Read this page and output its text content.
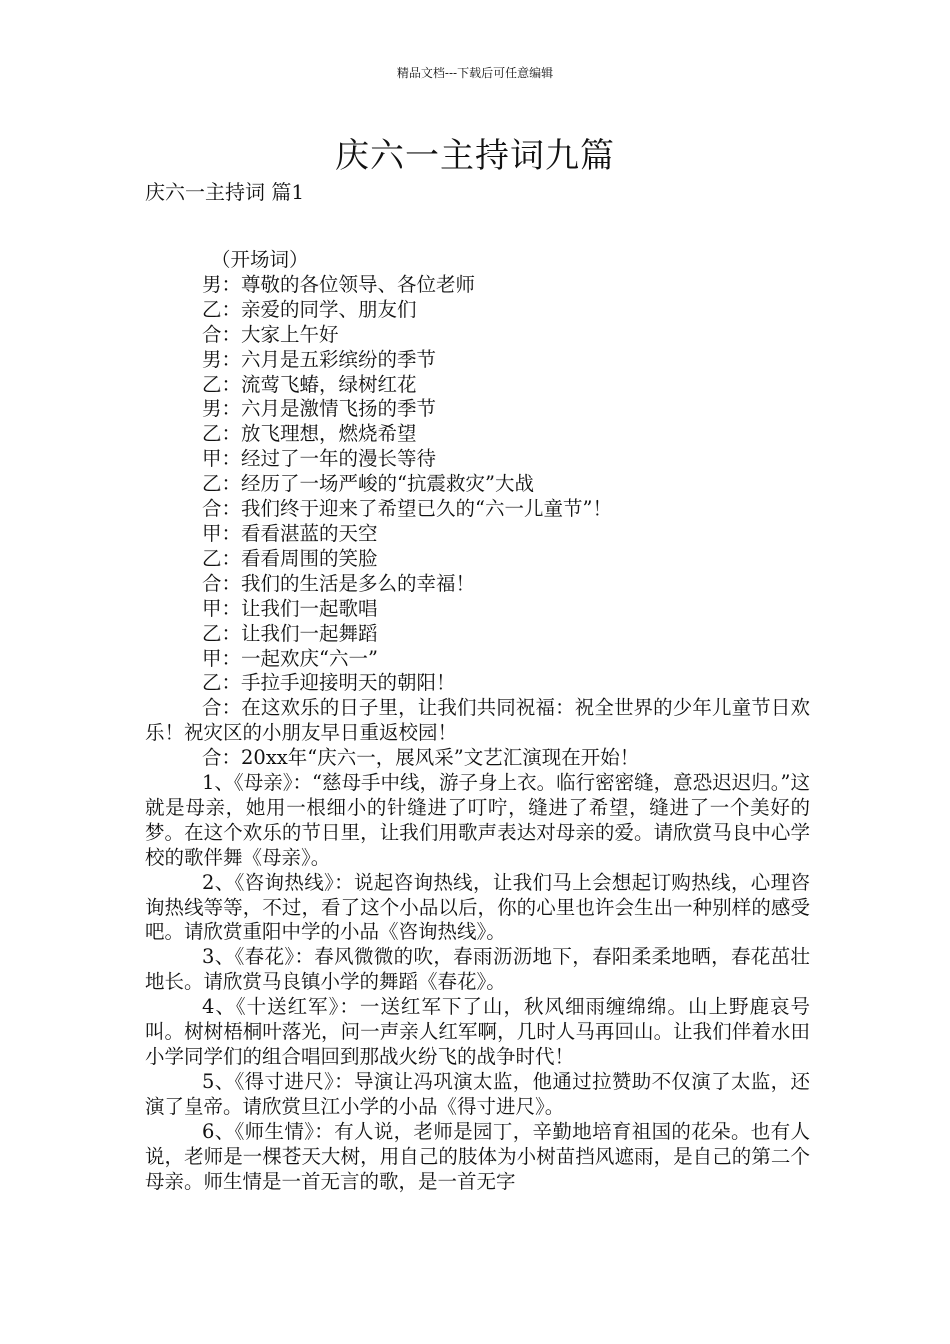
精品文档---下载后可任意编辑
庆六一主持词九篇
庆六一主持词 篇1
（开场词）
男：尊敬的各位领导、各位老师
乙：亲爱的同学、朋友们
合：大家上午好
男：六月是五彩缤纷的季节
乙：流莺飞蝽，绿树红花
男：六月是激情飞扬的季节
乙：放飞理想，燃烧希望
甲：经过了一年的漫长等待
乙：经历了一场严峻的“抗震救灾”大战
合：我们终于迎来了希望已久的“六一儿童节”！
甲：看看湛蓝的天空
乙：看看周围的笑脸
合：我们的生活是多么的幸福！
甲：让我们一起歌唱
乙：让我们一起舞蹈
甲：一起欢庆“六一”
乙：手拉手迎接明天的朝阳！
合：在这欢乐的日子里，让我们共同祝福：祝全世界的少年儿童节日欢乐！祝灾区的小朋友早日重返校园！
合：20xx年“庆六一，展风采”文艺汇演现在开始！
1、《母亲》：“慈母手中线，游子身上衣。临行密密缝，意恐迟迟归。”这就是母亲，她用一根细小的针缝进了叮咛，缝进了希望，缝进了一个美好的梦。在这个欢乐的节日里，让我们用歌声表达对母亲的爱。请欣赏马良中心学校的歌伴舞《母亲》。
2、《咨询热线》：说起咨询热线，让我们马上会想起订购热线，心理咨询热线等等，不过，看了这个小品以后，你的心里也许会生出一种别样的感受吧。请欣赏重阳中学的小品《咨询热线》。
3、《春花》：春风微微的吹，春雨沥沥地下，春阳柔柔地晒，春花茁壮地长。请欣赏马良镇小学的舞蹈《春花》。
4、《十送红军》：一送红军下了山，秋风细雨缠绵绵。山上野鹿哀号叫。树树梧桐叶落光，问一声亲人红军啊，几时人马再回山。让我们伴着水田小学同学们的组合唱回到那战火纷飞的战争时代！
5、《得寸进尺》：导演让冯巩演太监，他通过拉赞助不仅演了太监，还演了皇帝。请欣赏旦江小学的小品《得寸进尺》。
6、《师生情》：有人说，老师是园丁，辛勤地培育祖国的花朵。也有人说，老师是一棵苍天大树，用自己的肢体为小树苗挡风遮雨，是自己的第二个母亲。师生情是一首无言的歌，是一首无字
